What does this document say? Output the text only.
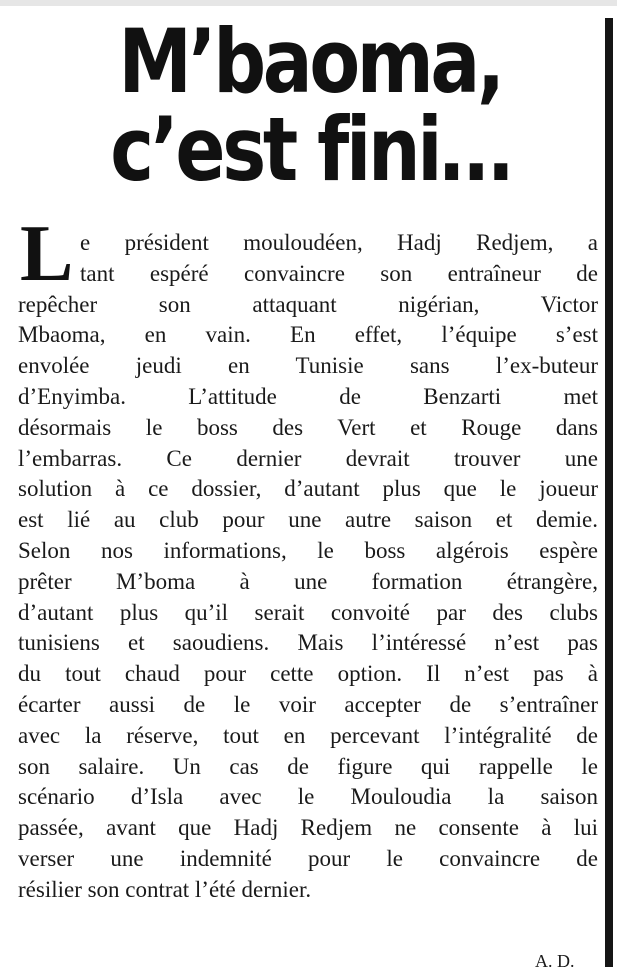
M’baoma,
c’est fini…
L e président mouloudéen, Hadj Redjem, a
tant espéré convaincre son entraîneur de
repêcher son attaquant nigérian, Victor
Mbaoma, en vain. En effet, l’équipe s’est
envolée jeudi en Tunisie sans l’ex-buteur
d’Enyimba. L’attitude de Benzarti met
désormais le boss des Vert et Rouge dans
l’embarras. Ce dernier devrait trouver une
solution à ce dossier, d’autant plus que le joueur
est lié au club pour une autre saison et demie.
Selon nos informations, le boss algérois espère
prêter M’boma à une formation étrangère,
d’autant plus qu’il serait convoité par des clubs
tunisiens et saoudiens. Mais l’intéressé n’est pas
du tout chaud pour cette option. Il n’est pas à
écarter aussi de le voir accepter de s’entraîner
avec la réserve, tout en percevant l’intégralité de
son salaire. Un cas de figure qui rappelle le
scénario d’Isla avec le Mouloudia la saison
passée, avant que Hadj Redjem ne consente à lui
verser une indemnité pour le convaincre de
résilier son contrat l’été dernier.
A. D.
